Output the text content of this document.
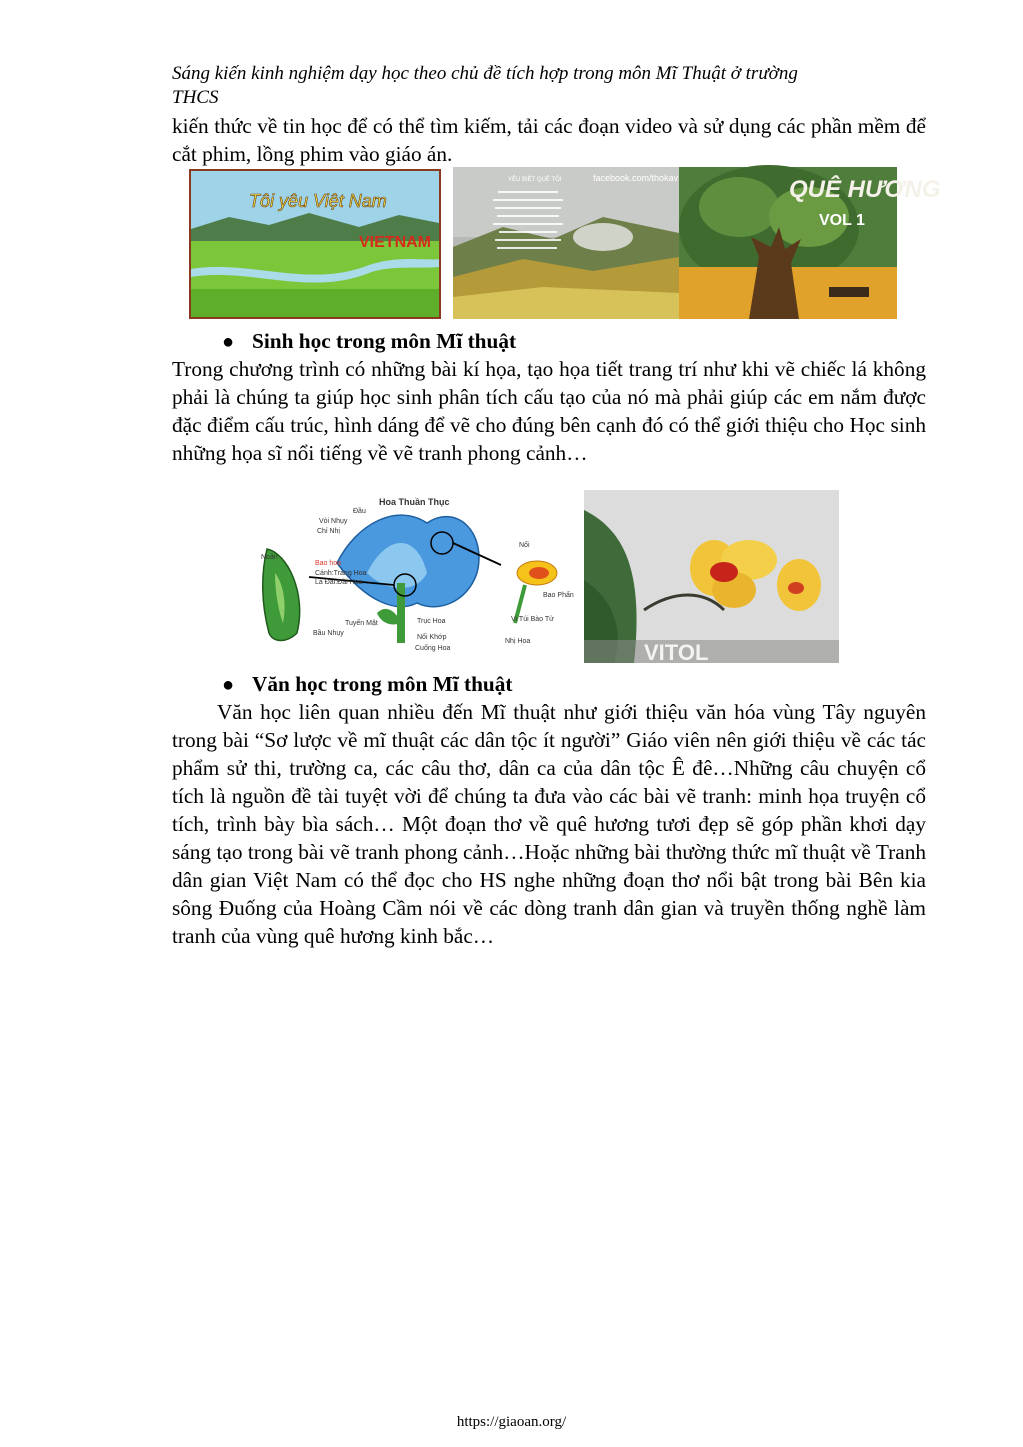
Sáng kiến kinh nghiệm dạy học theo chủ đề tích hợp trong môn Mĩ Thuật ở trường
THCS
kiến thức về tin học để có thể tìm kiếm, tải các đoạn video và sử dụng các phần mềm để cắt phim, lồng phim vào giáo án.
Tôi yêu Việt Nam
VIETNAM
facebook.com/thokav
YÊU BIẾT QUÊ TÔI	QUÊ HƯƠNG
VOL 1
● Sinh học trong môn Mĩ thuật
Trong chương trình có những bài kí họa, tạo họa tiết trang trí như khi vẽ chiếc lá không phải là chúng ta giúp học sinh phân tích cấu tạo của nó mà phải giúp các em nắm được đặc điểm cấu trúc, hình dáng để vẽ cho đúng bên cạnh đó có thể giới thiệu cho Học sinh những họa sĩ nổi tiếng về vẽ tranh phong cảnh…
Hoa Thuần Thục
Đầu
Vòi Nhụy
Chỉ Nhị
Noãn
Bao hoa
Cánh:Tràng Hoa
Lá Đài:Đài Hoa
Tuyến Mật
Bầu Nhụy
Trục Hoa
Nối Khớp
Cuống Hoa
Nối
Bao Phấn
Vi Túi Bào Tử
Nhị Hoa	VITOL
● Văn học trong môn Mĩ thuật
Văn học liên quan nhiều đến Mĩ thuật như giới thiệu văn hóa vùng Tây nguyên trong bài “Sơ lược về mĩ thuật các dân tộc ít người” Giáo viên nên giới thiệu về các tác phẩm sử thi, trường ca, các câu thơ, dân ca của dân tộc Ê đê…Những câu chuyện cổ tích là nguồn đề tài tuyệt vời để chúng ta đưa vào các bài vẽ tranh: minh họa truyện cổ tích, trình bày bìa sách… Một đoạn thơ về quê hương tươi đẹp sẽ góp phần khơi dạy sáng tạo trong bài vẽ tranh phong cảnh…Hoặc những bài thường thức mĩ thuật về Tranh dân gian Việt Nam có thể đọc cho HS nghe những đoạn thơ nổi bật trong bài Bên kia sông Đuống của Hoàng Cầm nói về các dòng tranh dân gian và truyền thống nghề làm tranh của vùng quê hương kinh bắc…
https://giaoan.org/
